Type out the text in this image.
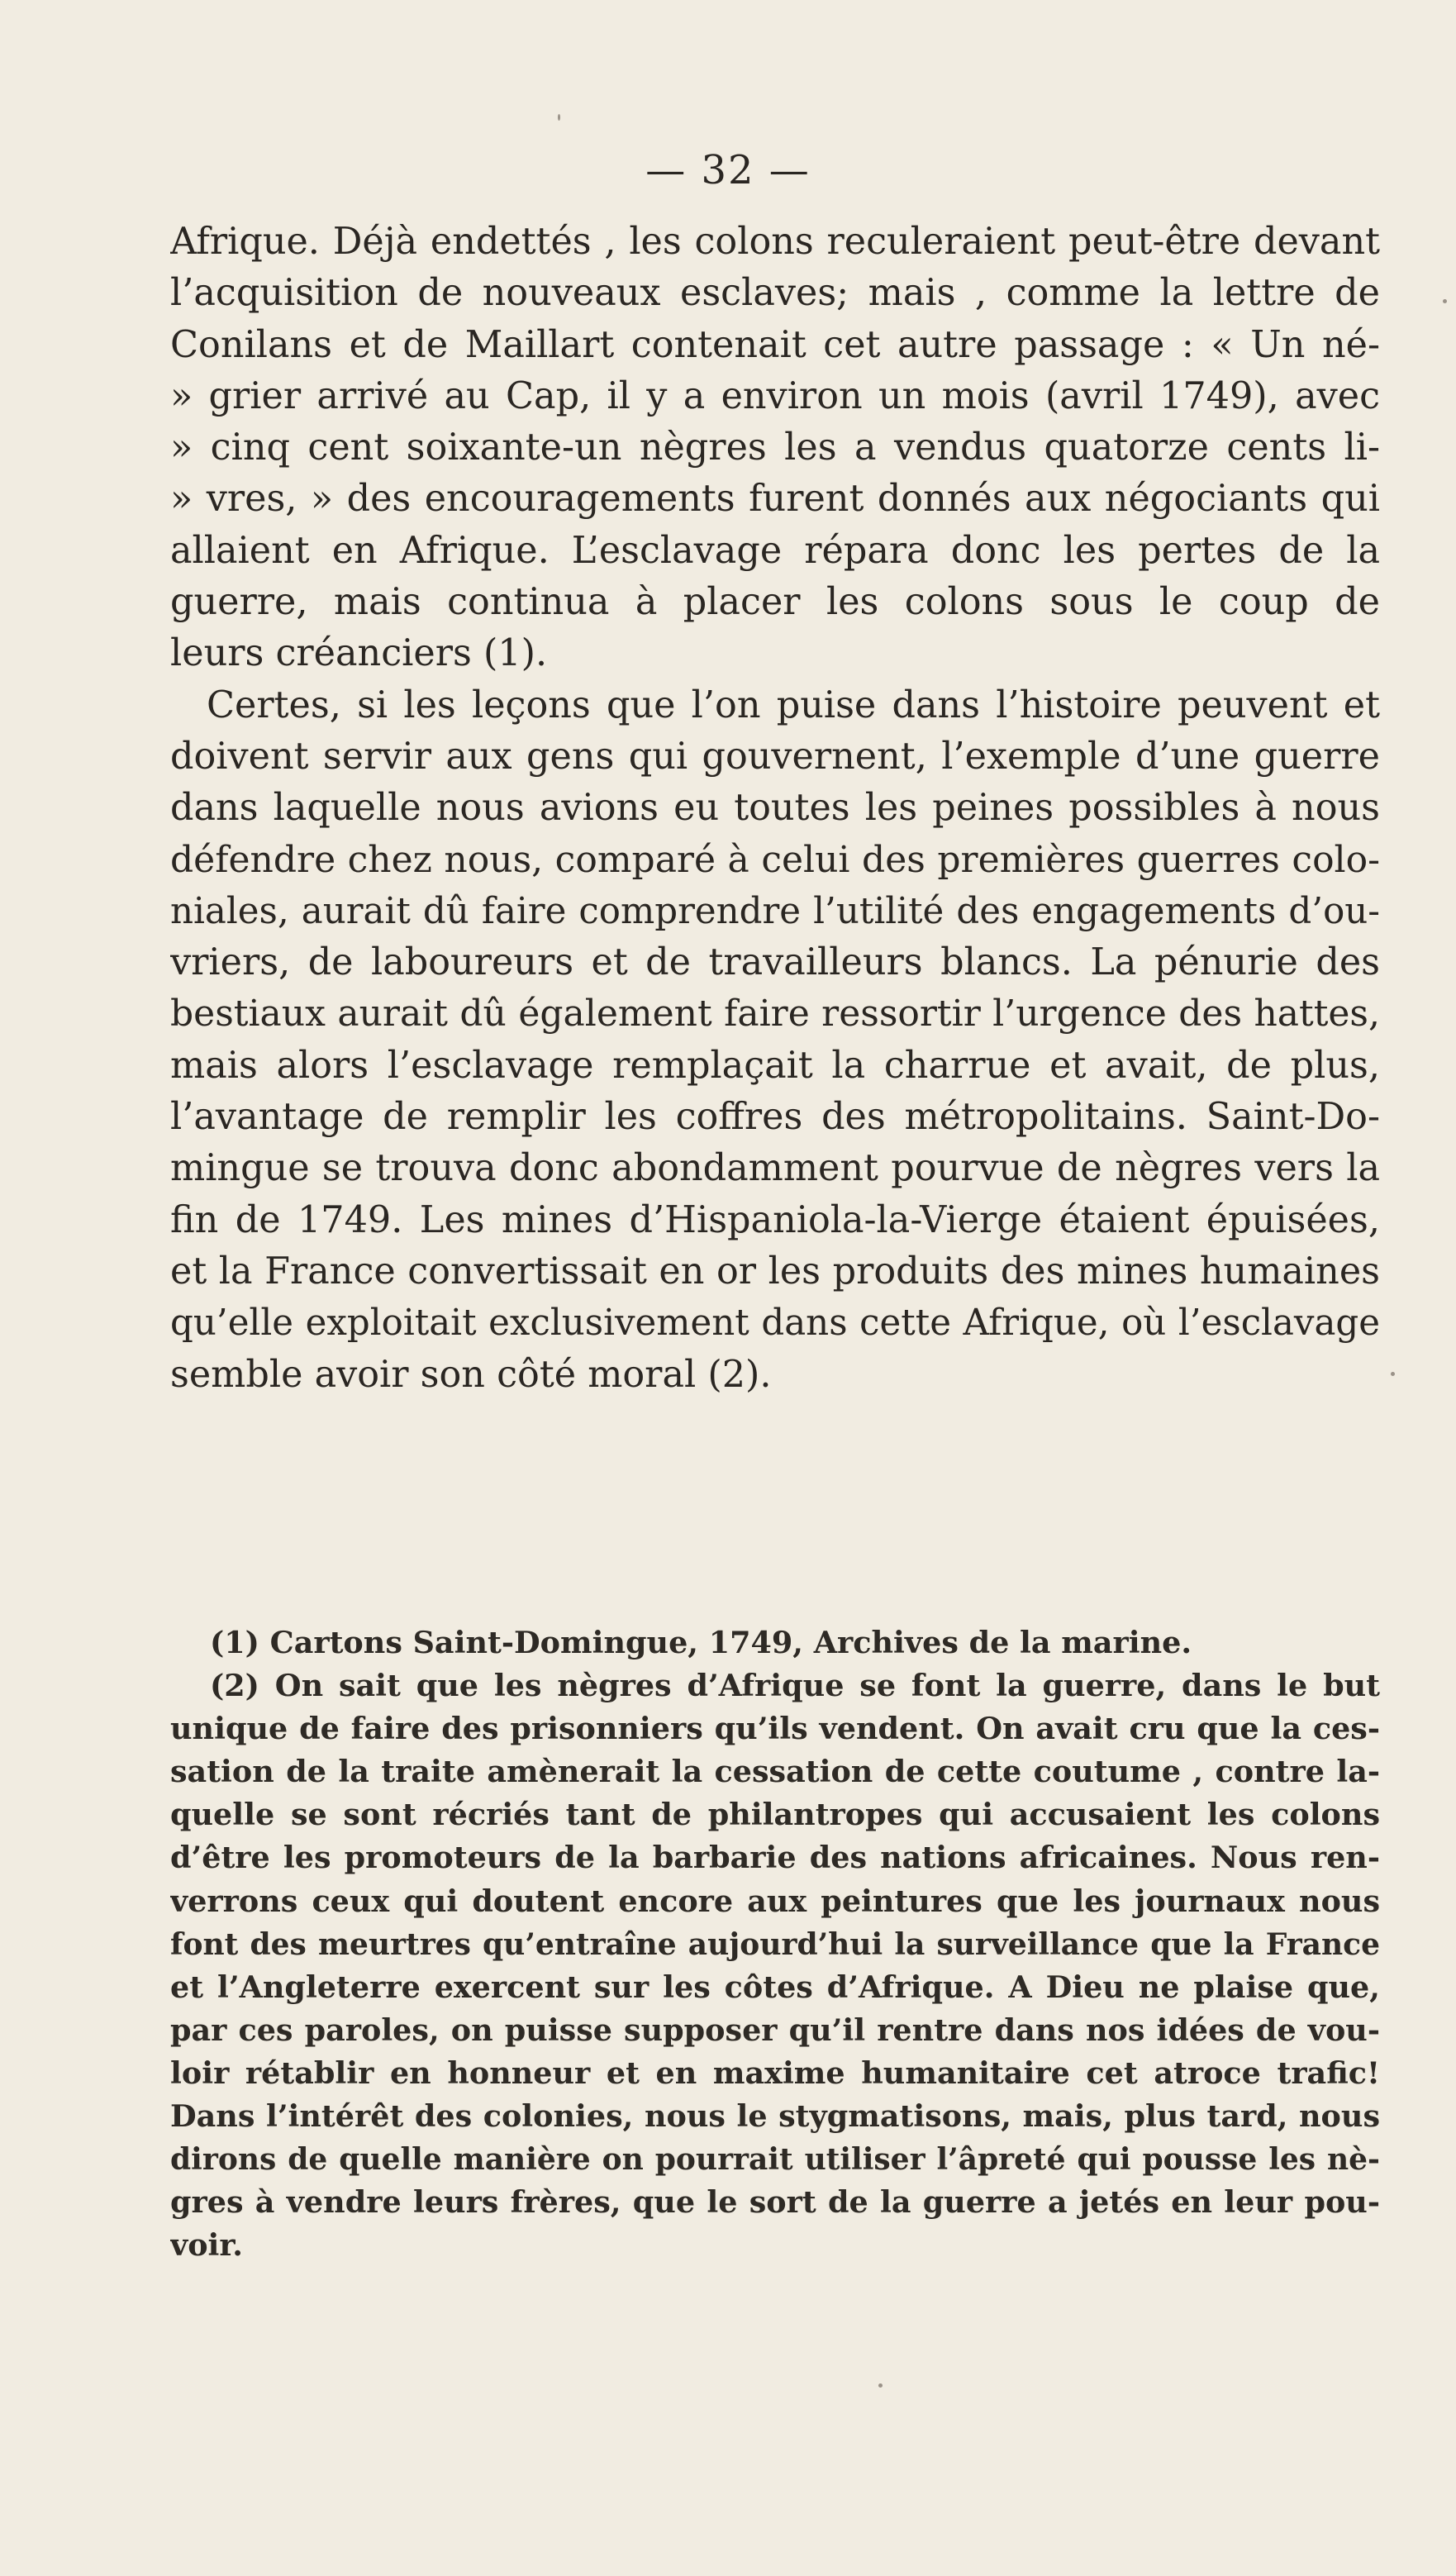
— 32 —
Afrique. Déjà endettés , les colons reculeraient peut-être devant
l’acquisition de nouveaux esclaves; mais , comme la lettre de
Conilans et de Maillart contenait cet autre passage : « Un né-
» grier arrivé au Cap, il y a environ un mois (avril 1749), avec
» cinq cent soixante-un nègres les a vendus quatorze cents li-
» vres, » des encouragements furent donnés aux négociants qui
allaient en Afrique. L’esclavage répara donc les pertes de la
guerre, mais continua à placer les colons sous le coup de
leurs créanciers (1).
Certes, si les leçons que l’on puise dans l’histoire peuvent et
doivent servir aux gens qui gouvernent, l’exemple d’une guerre
dans laquelle nous avions eu toutes les peines possibles à nous
défendre chez nous, comparé à celui des premières guerres colo-
niales, aurait dû faire comprendre l’utilité des engagements d’ou-
vriers, de laboureurs et de travailleurs blancs. La pénurie des
bestiaux aurait dû également faire ressortir l’urgence des hattes,
mais alors l’esclavage remplaçait la charrue et avait, de plus,
l’avantage de remplir les coffres des métropolitains. Saint-Do-
mingue se trouva donc abondamment pourvue de nègres vers la
fin de 1749. Les mines d’Hispaniola-la-Vierge étaient épuisées,
et la France convertissait en or les produits des mines humaines
qu’elle exploitait exclusivement dans cette Afrique, où l’esclavage
semble avoir son côté moral (2).
(1) Cartons Saint-Domingue, 1749, Archives de la marine.
(2) On sait que les nègres d’Afrique se font la guerre, dans le but
unique de faire des prisonniers qu’ils vendent. On avait cru que la ces-
sation de la traite amènerait la cessation de cette coutume , contre la-
quelle se sont récriés tant de philantropes qui accusaient les colons
d’être les promoteurs de la barbarie des nations africaines. Nous ren-
verrons ceux qui doutent encore aux peintures que les journaux nous
font des meurtres qu’entraîne aujourd’hui la surveillance que la France
et l’Angleterre exercent sur les côtes d’Afrique. A Dieu ne plaise que,
par ces paroles, on puisse supposer qu’il rentre dans nos idées de vou-
loir rétablir en honneur et en maxime humanitaire cet atroce trafic!
Dans l’intérêt des colonies, nous le stygmatisons, mais, plus tard, nous
dirons de quelle manière on pourrait utiliser l’âpreté qui pousse les nè-
gres à vendre leurs frères, que le sort de la guerre a jetés en leur pou-
voir.
